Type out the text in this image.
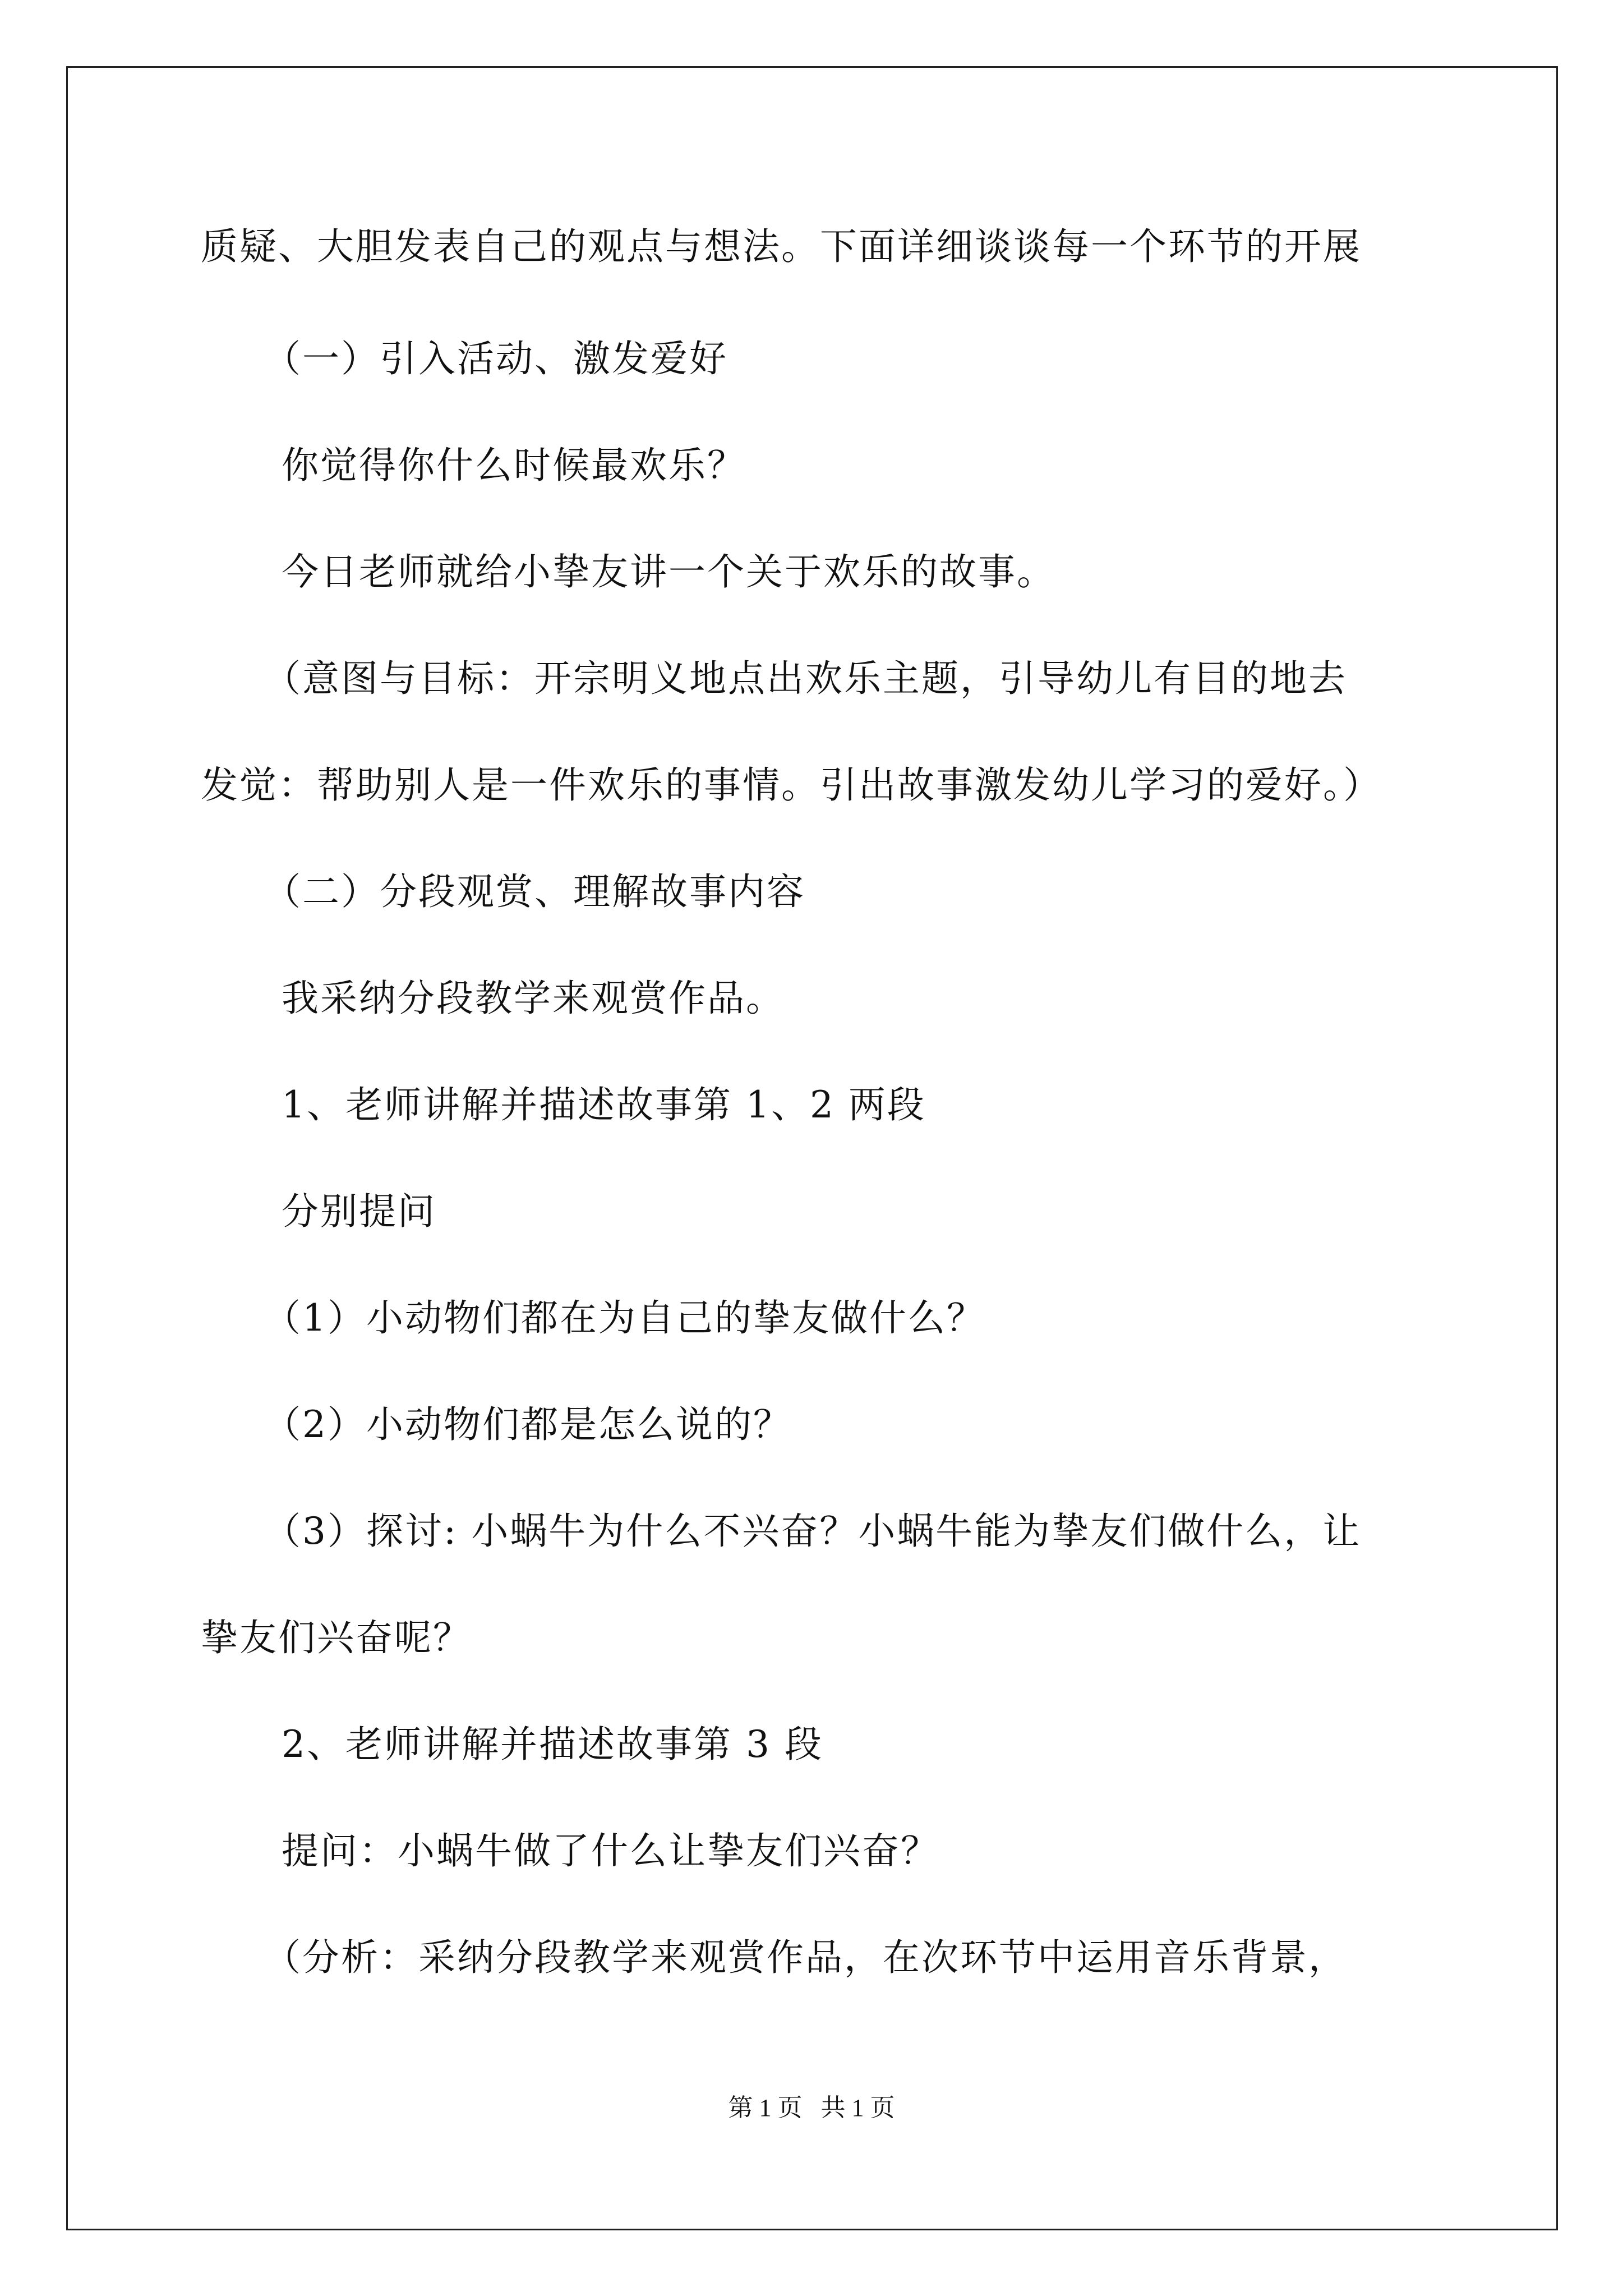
质疑、大胆发表自己的观点与想法。下面详细谈谈每一个环节的开展
（一）引入活动、激发爱好
你觉得你什么时候最欢乐？
今日老师就给小挚友讲一个关于欢乐的故事。
（意图与目标：开宗明义地点出欢乐主题，引导幼儿有目的地去
发觉：帮助别人是一件欢乐的事情。引出故事激发幼儿学习的爱好。）
（二）分段观赏、理解故事内容
我采纳分段教学来观赏作品。
1、老师讲解并描述故事第 1、2 两段
分别提问
（1）小动物们都在为自己的挚友做什么？
（2）小动物们都是怎么说的？
（3）探讨: 小蜗牛为什么不兴奋？小蜗牛能为挚友们做什么，让
挚友们兴奋呢？
2、老师讲解并描述故事第 3 段
提问：小蜗牛做了什么让挚友们兴奋？
（分析：采纳分段教学来观赏作品，在次环节中运用音乐背景，
第 1 页   共 1 页
